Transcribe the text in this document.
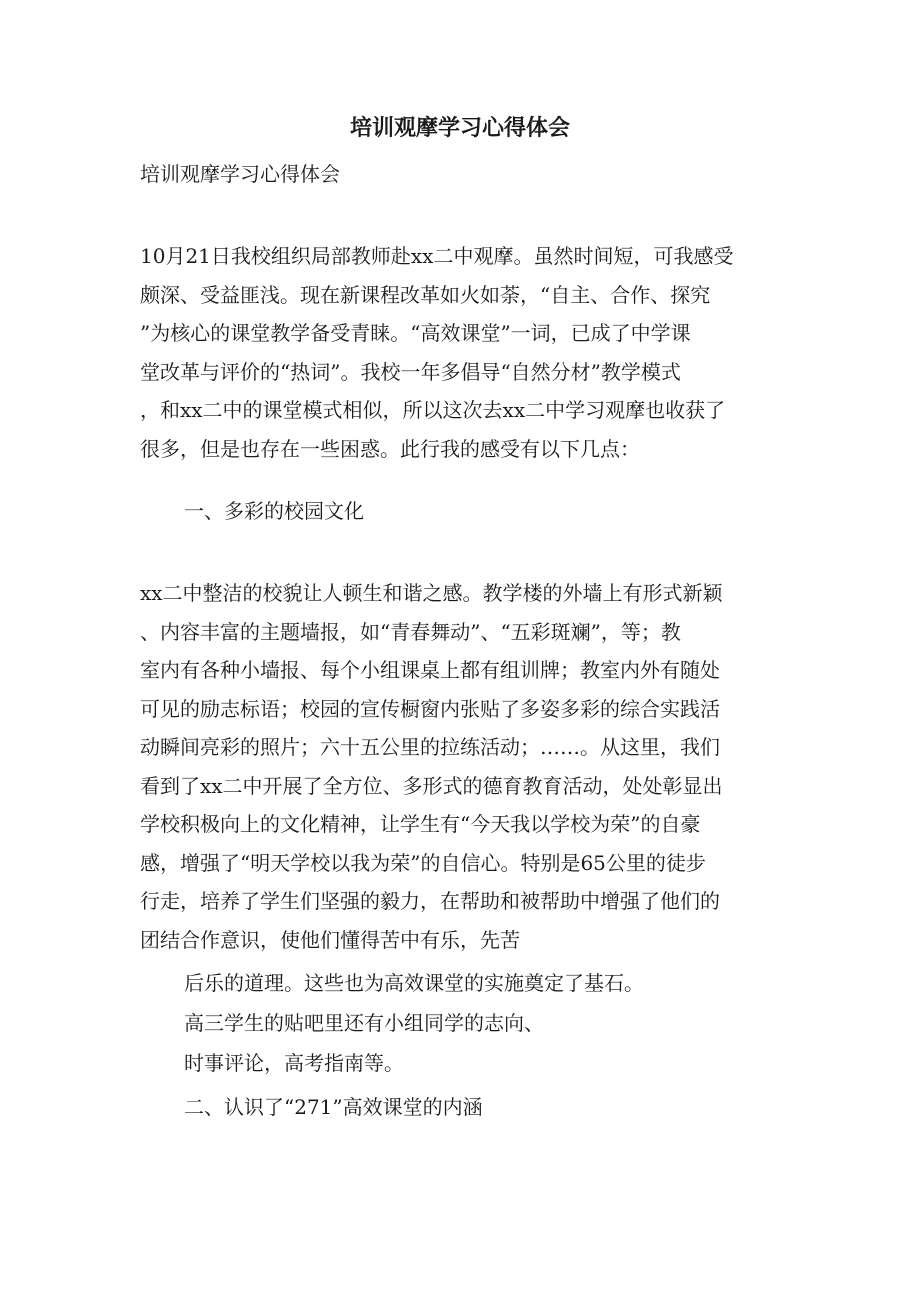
培训观摩学习心得体会
培训观摩学习心得体会

10月21日我校组织局部教师赴xx二中观摩。虽然时间短，可我感受

颇深、受益匪浅。现在新课程改革如火如荼，“自主、合作、探究

”为核心的课堂教学备受青睐。“高效课堂”一词，已成了中学课

堂改革与评价的“热词”。我校一年多倡导“自然分材”教学模式

，和xx二中的课堂模式相似，所以这次去xx二中学习观摩也收获了

很多，但是也存在一些困惑。此行我的感受有以下几点：

一、多彩的校园文化

xx二中整洁的校貌让人顿生和谐之感。教学楼的外墙上有形式新颖

、内容丰富的主题墙报，如“青春舞动”、“五彩斑斓”，等；教

室内有各种小墙报、每个小组课桌上都有组训牌；教室内外有随处

可见的励志标语；校园的宣传橱窗内张贴了多姿多彩的综合实践活

动瞬间亮彩的照片；六十五公里的拉练活动；……。从这里，我们

看到了xx二中开展了全方位、多形式的德育教育活动，处处彰显出

学校积极向上的文化精神，让学生有“今天我以学校为荣”的自豪

感，增强了“明天学校以我为荣”的自信心。特别是65公里的徒步

行走，培养了学生们坚强的毅力，在帮助和被帮助中增强了他们的

团结合作意识，使他们懂得苦中有乐，先苦

后乐的道理。这些也为高效课堂的实施奠定了基石。
高三学生的贴吧里还有小组同学的志向、
时事评论，高考指南等。
二、认识了“271”高效课堂的内涵
